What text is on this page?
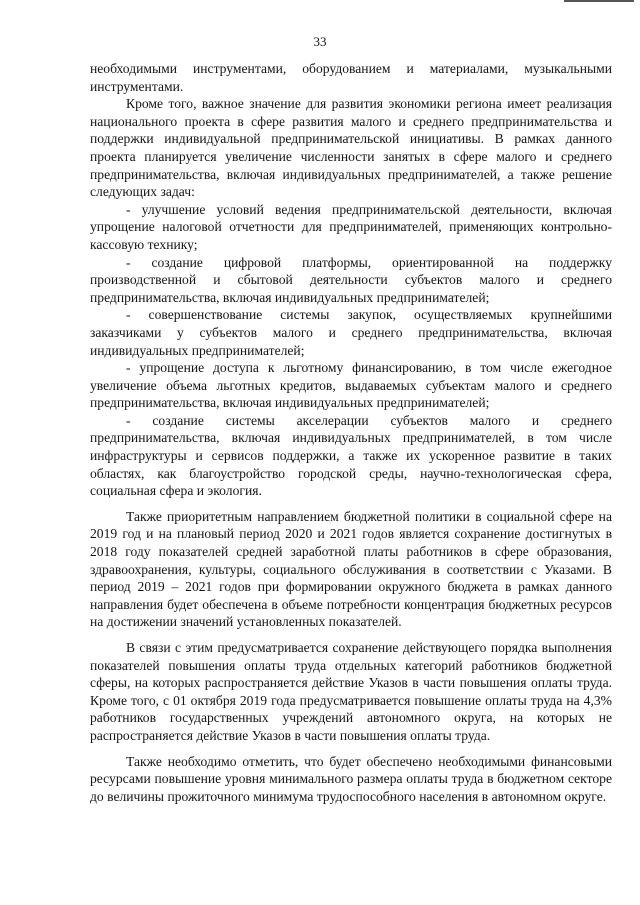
33

необходимыми инструментами, оборудованием и материалами, музыкальными инструментами.

Кроме того, важное значение для развития экономики региона имеет реализация национального проекта в сфере развития малого и среднего предпринимательства и поддержки индивидуальной предпринимательской инициативы. В рамках данного проекта планируется увеличение численности занятых в сфере малого и среднего предпринимательства, включая индивидуальных предпринимателей, а также решение следующих задач:

- улучшение условий ведения предпринимательской деятельности, включая упрощение налоговой отчетности для предпринимателей, применяющих контрольно-кассовую технику;

- создание цифровой платформы, ориентированной на поддержку производственной и сбытовой деятельности субъектов малого и среднего предпринимательства, включая индивидуальных предпринимателей;

- совершенствование системы закупок, осуществляемых крупнейшими заказчиками у субъектов малого и среднего предпринимательства, включая индивидуальных предпринимателей;

- упрощение доступа к льготному финансированию, в том числе ежегодное увеличение объема льготных кредитов, выдаваемых субъектам малого и среднего предпринимательства, включая индивидуальных предпринимателей;

- создание системы акселерации субъектов малого и среднего предпринимательства, включая индивидуальных предпринимателей, в том числе инфраструктуры и сервисов поддержки, а также их ускоренное развитие в таких областях, как благоустройство городской среды, научно-технологическая сфера, социальная сфера и экология.

Также приоритетным направлением бюджетной политики в социальной сфере на 2019 год и на плановый период 2020 и 2021 годов является сохранение достигнутых в 2018 году показателей средней заработной платы работников в сфере образования, здравоохранения, культуры, социального обслуживания в соответствии с Указами. В период 2019 – 2021 годов при формировании окружного бюджета в рамках данного направления будет обеспечена в объеме потребности концентрация бюджетных ресурсов на достижении значений установленных показателей.

В связи с этим предусматривается сохранение действующего порядка выполнения показателей повышения оплаты труда отдельных категорий работников бюджетной сферы, на которых распространяется действие Указов в части повышения оплаты труда. Кроме того, с 01 октября 2019 года предусматривается повышение оплаты труда на 4,3% работников государственных учреждений автономного округа, на которых не распространяется действие Указов в части повышения оплаты труда.

Также необходимо отметить, что будет обеспечено необходимыми финансовыми ресурсами повышение уровня минимального размера оплаты труда в бюджетном секторе до величины прожиточного минимума трудоспособного населения в автономном округе.
